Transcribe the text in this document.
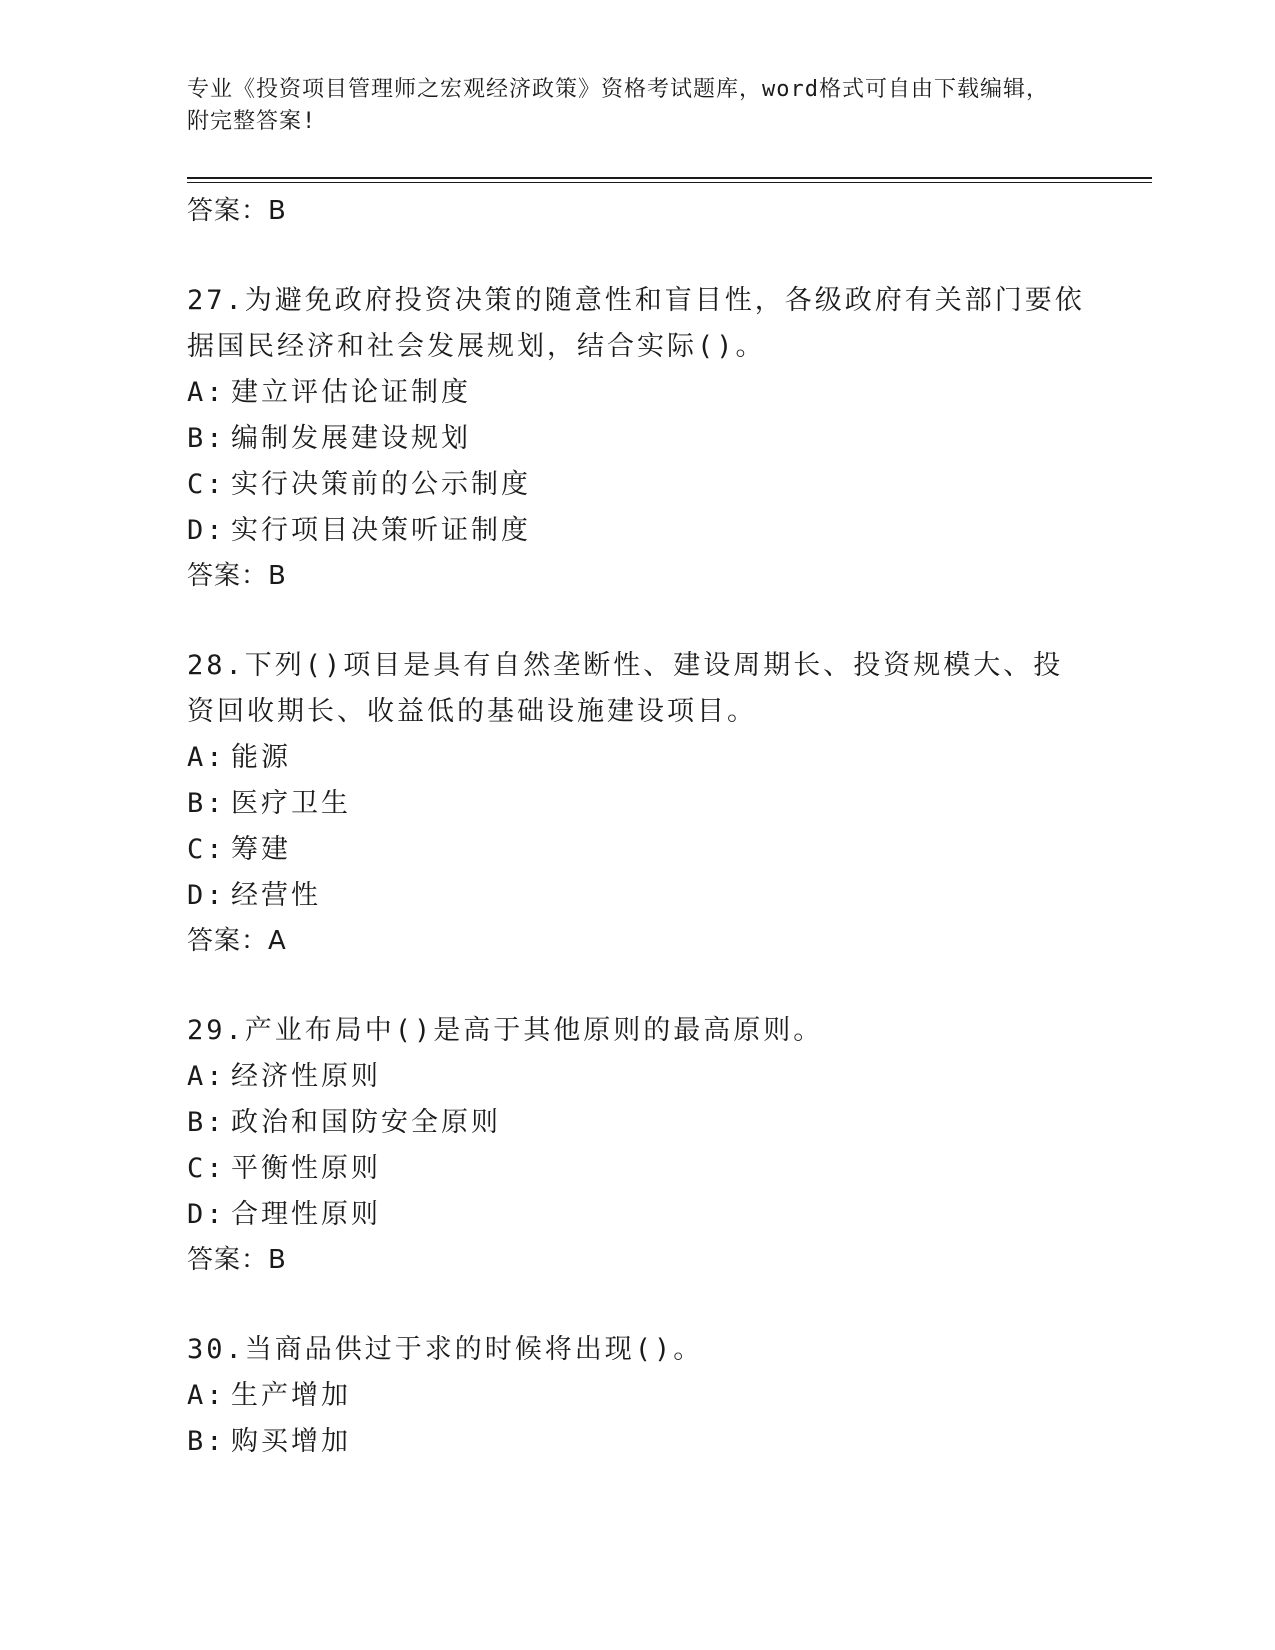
专业《投资项目管理师之宏观经济政策》资格考试题库，word格式可自由下载编辑，附完整答案!
答案：B
27.为避免政府投资决策的随意性和盲目性，各级政府有关部门要依据国民经济和社会发展规划，结合实际()。
A: 建立评估论证制度
B: 编制发展建设规划
C: 实行决策前的公示制度
D: 实行项目决策听证制度
答案：B
28.下列()项目是具有自然垄断性、建设周期长、投资规模大、投资回收期长、收益低的基础设施建设项目。
A: 能源
B: 医疗卫生
C: 筹建
D: 经营性
答案：A
29.产业布局中()是高于其他原则的最高原则。
A: 经济性原则
B: 政治和国防安全原则
C: 平衡性原则
D: 合理性原则
答案：B
30.当商品供过于求的时候将出现()。
A: 生产增加
B: 购买增加
